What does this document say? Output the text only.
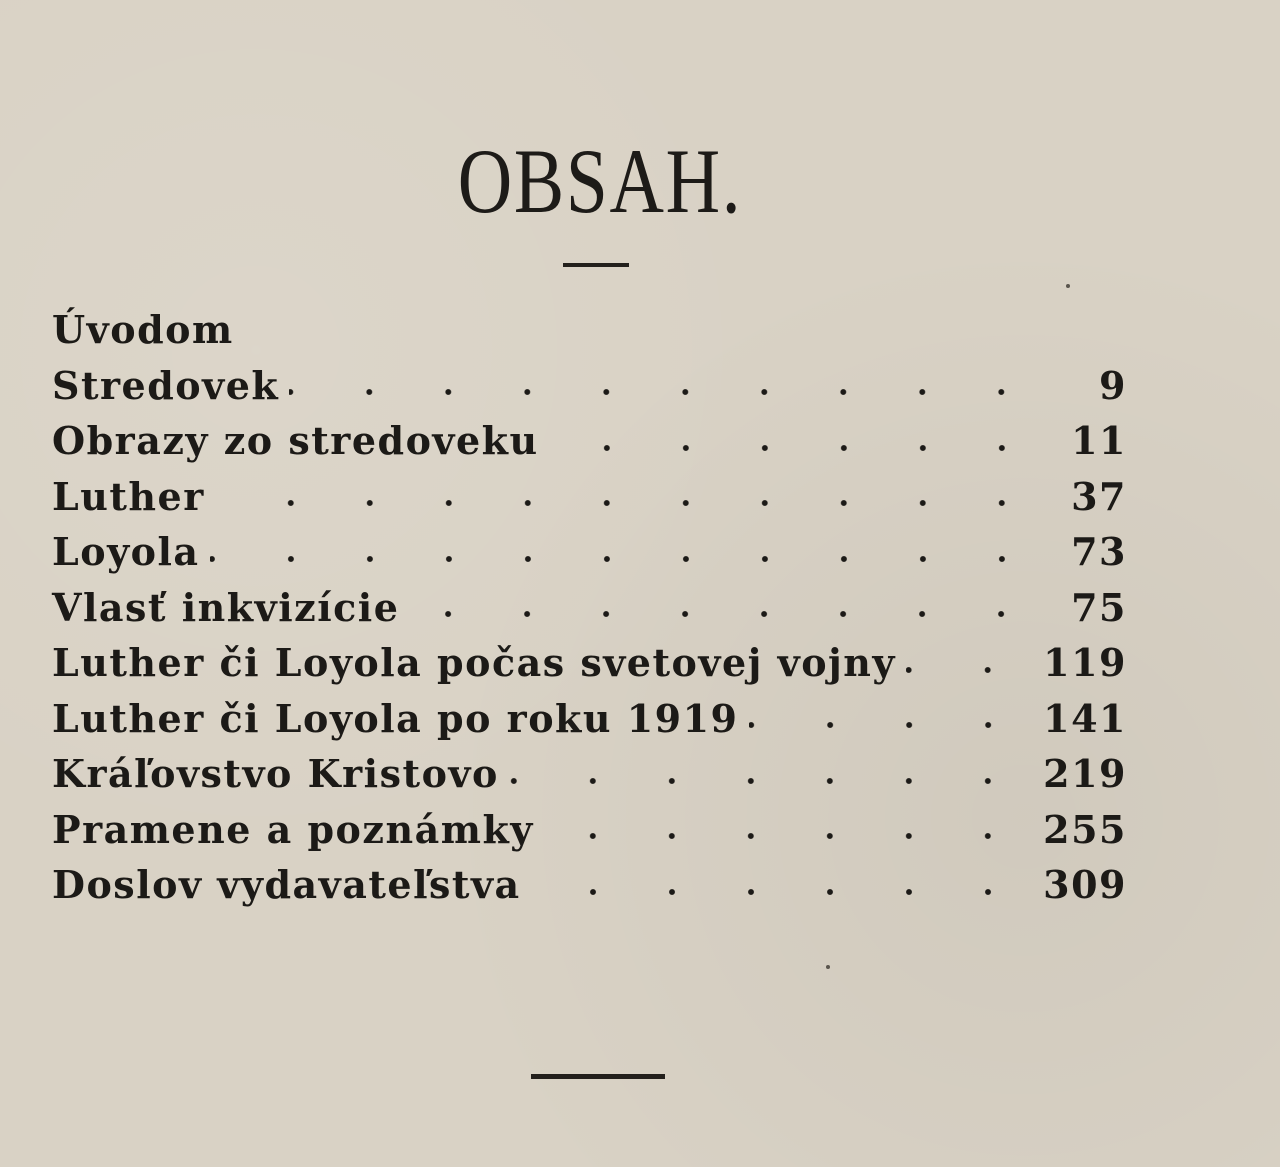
OBSAH.
Úvodom
Stredovek	9
Obrazy zo stredoveku	11
Luther	37
Loyola	73
Vlasť inkvizície	75
Luther či Loyola počas svetovej vojny	119
Luther či Loyola po roku 1919	141
Kráľovstvo Kristovo	219
Pramene a poznámky	255
Doslov vydavateľstva	309
